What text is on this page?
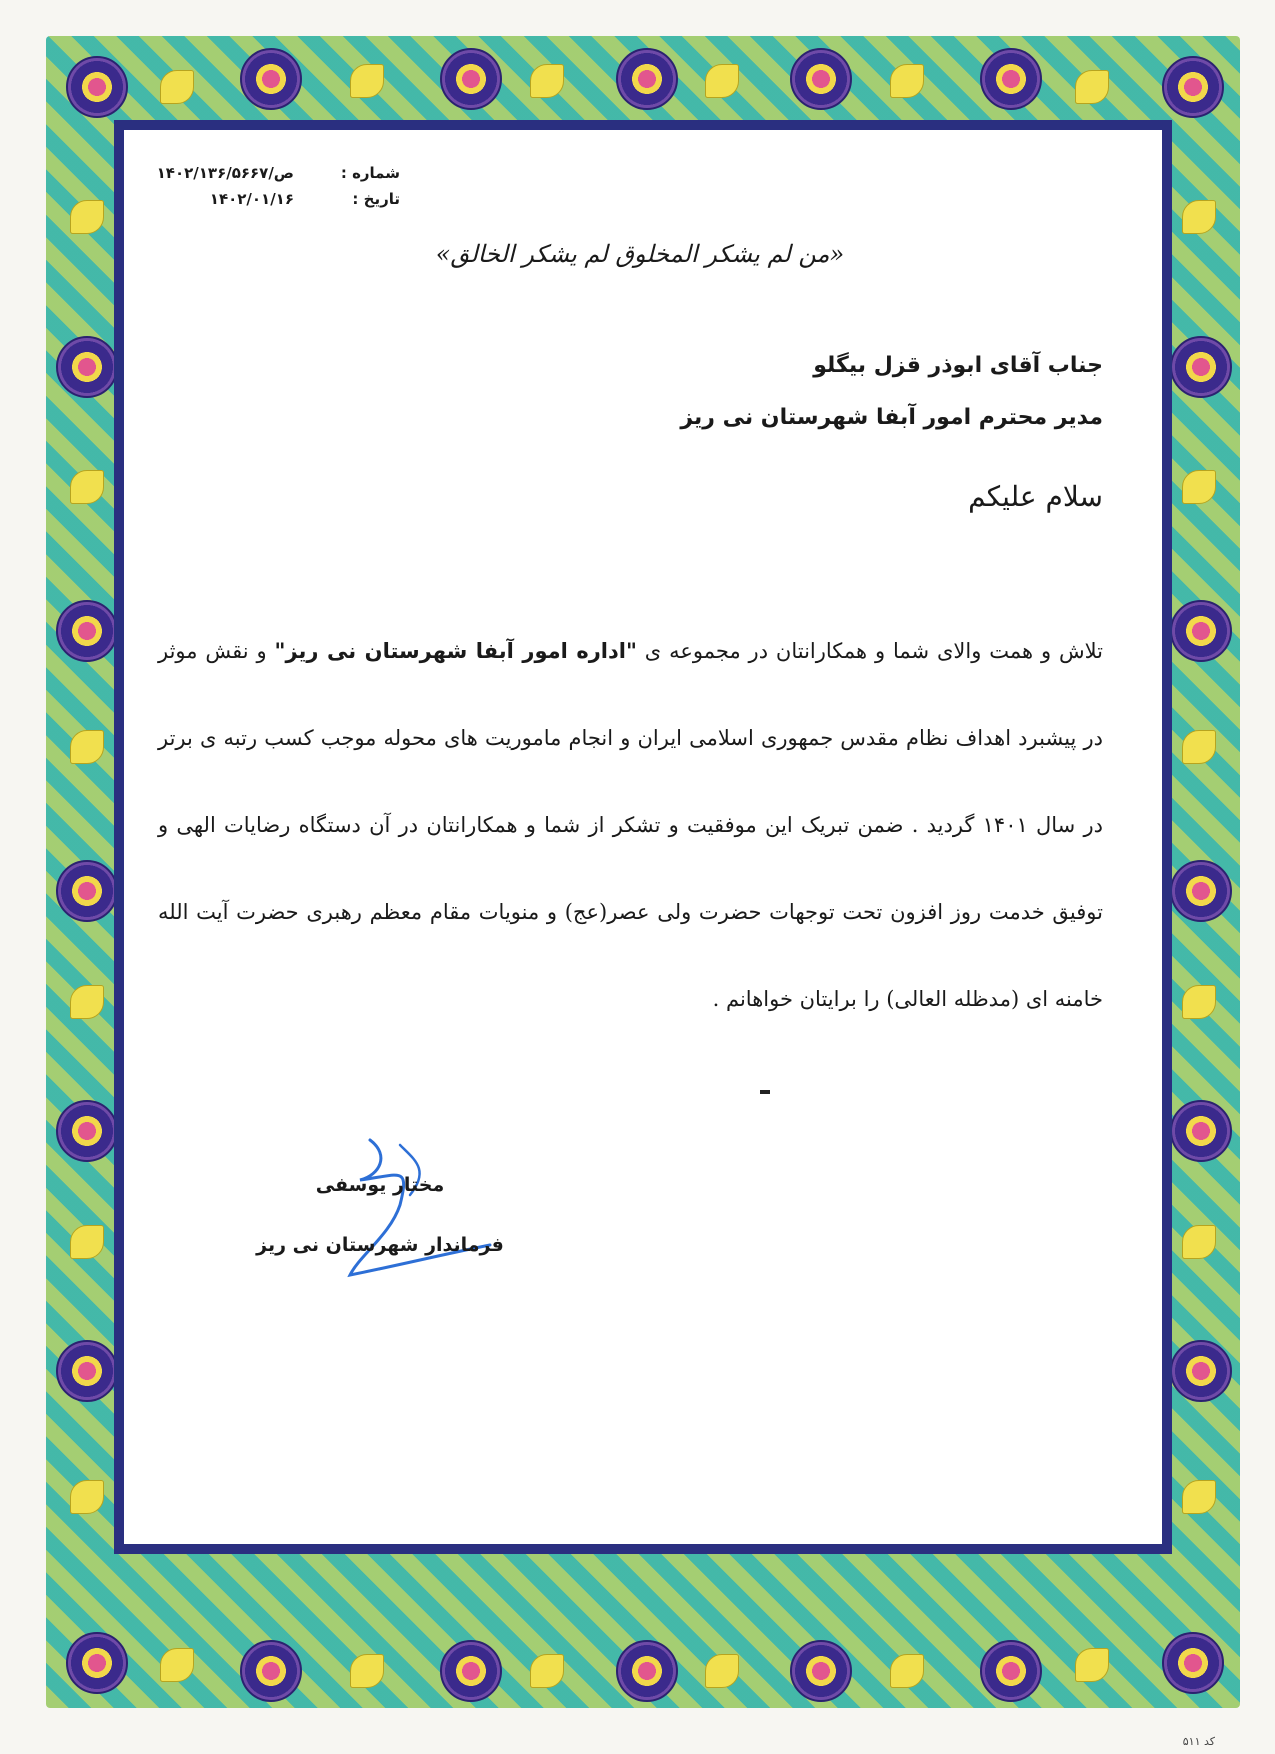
شماره :
ص/۱۴۰۲/۱۳۶/۵۶۶۷
تاریخ :
۱۴۰۲/۰۱/۱۶
«من لم یشکر المخلوق لم یشکر الخالق»
جناب آقای ابوذر قزل بیگلو
مدیر محترم امور آبفا شهرستان نی ریز
سلام علیکم

تلاش و همت والای شما و همکارانتان در مجموعه ی "اداره امور آبفا شهرستان نی ریز" و نقش موثر در پیشبرد اهداف نظام مقدس جمهوری اسلامی ایران و انجام ماموریت های محوله موجب کسب رتبه ی برتر در سال ۱۴۰۱ گردید . ضمن تبریک این موفقیت و تشکر از شما و همکارانتان در آن دستگاه رضایات الهی و توفیق خدمت روز افزون تحت توجهات حضرت ولی عصر(عج) و منویات مقام معظم رهبری حضرت آیت الله خامنه ای (مدظله العالی) را برایتان خواهانم .

مختار یوسفی
فرماندار شهرستان نی ریز
کد ۵۱۱
